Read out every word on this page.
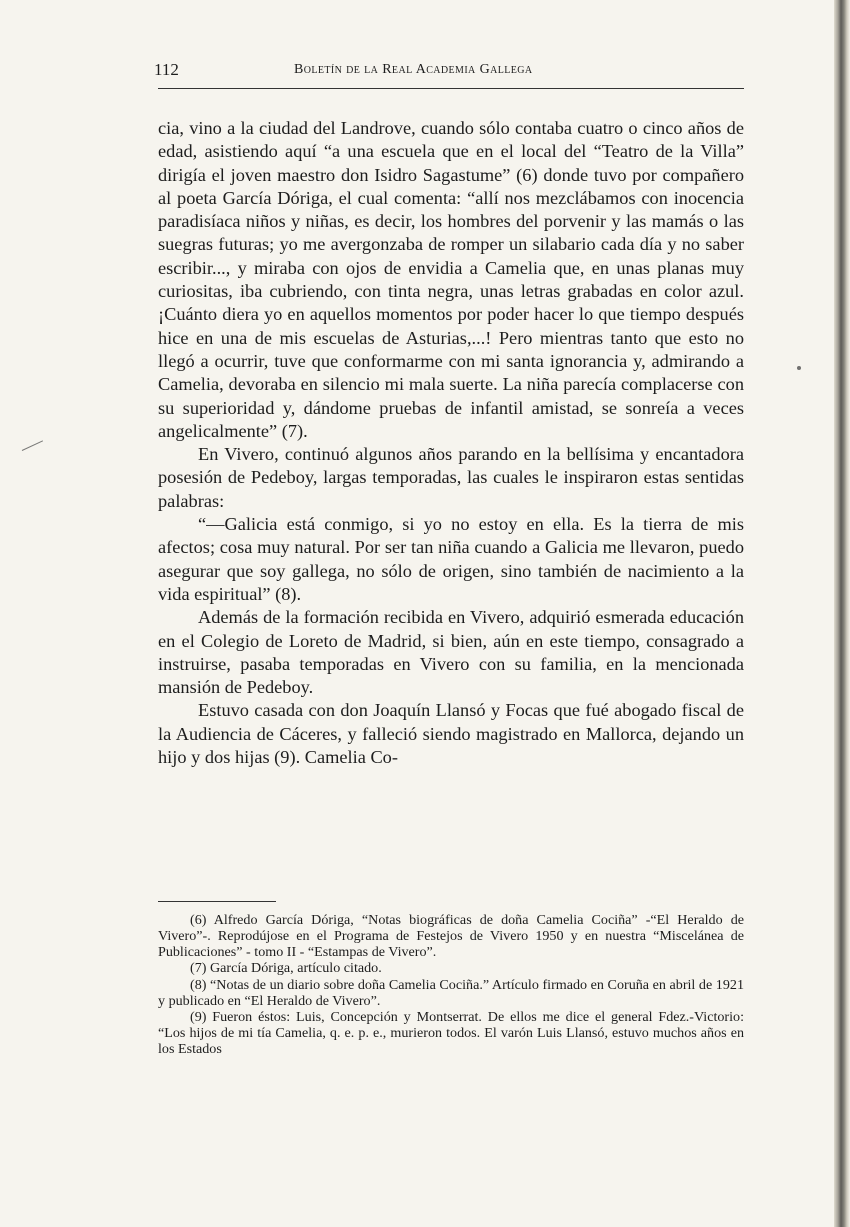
112	Boletín de la Real Academia Gallega

cia, vino a la ciudad del Landrove, cuando sólo contaba cuatro o cinco años de edad, asistiendo aquí “a una escuela que en el local del “Teatro de la Villa” dirigía el joven maestro don Isidro Sagastume” (6) donde tuvo por compañero al poeta García Dóriga, el cual comenta: “allí nos mezclábamos con inocencia paradisíaca niños y niñas, es decir, los hombres del porvenir y las mamás o las suegras futuras; yo me avergonzaba de romper un silabario cada día y no saber escribir..., y miraba con ojos de envidia a Camelia que, en unas planas muy curiositas, iba cubriendo, con tinta negra, unas letras grabadas en color azul. ¡Cuánto diera yo en aquellos momentos por poder hacer lo que tiempo después hice en una de mis escuelas de Asturias,...! Pero mientras tanto que esto no llegó a ocurrir, tuve que conformarme con mi santa ignorancia y, admirando a Camelia, devoraba en silencio mi mala suerte. La niña parecía complacerse con su superioridad y, dándome pruebas de infantil amistad, se sonreía a veces angelicalmente” (7).

En Vivero, continuó algunos años parando en la bellísima y encantadora posesión de Pedeboy, largas temporadas, las cuales le inspiraron estas sentidas palabras:

“—Galicia está conmigo, si yo no estoy en ella. Es la tierra de mis afectos; cosa muy natural. Por ser tan niña cuando a Galicia me llevaron, puedo asegurar que soy gallega, no sólo de origen, sino también de nacimiento a la vida espiritual” (8).

Además de la formación recibida en Vivero, adquirió esmerada educación en el Colegio de Loreto de Madrid, si bien, aún en este tiempo, consagrado a instruirse, pasaba temporadas en Vivero con su familia, en la mencionada mansión de Pedeboy.

Estuvo casada con don Joaquín Llansó y Focas que fué abogado fiscal de la Audiencia de Cáceres, y falleció siendo magistrado en Mallorca, dejando un hijo y dos hijas (9). Camelia Co-

(6) Alfredo García Dóriga, “Notas biográficas de doña Camelia Cociña” -“El Heraldo de Vivero”-. Reprodújose en el Programa de Festejos de Vivero 1950 y en nuestra “Miscelánea de Publicaciones” - tomo II - “Estampas de Vivero”.

(7) García Dóriga, artículo citado.

(8) “Notas de un diario sobre doña Camelia Cociña.” Artículo firmado en Coruña en abril de 1921 y publicado en “El Heraldo de Vivero”.

(9) Fueron éstos: Luis, Concepción y Montserrat. De ellos me dice el general Fdez.-Victorio: “Los hijos de mi tía Camelia, q. e. p. e., murieron todos. El varón Luis Llansó, estuvo muchos años en los Estados
